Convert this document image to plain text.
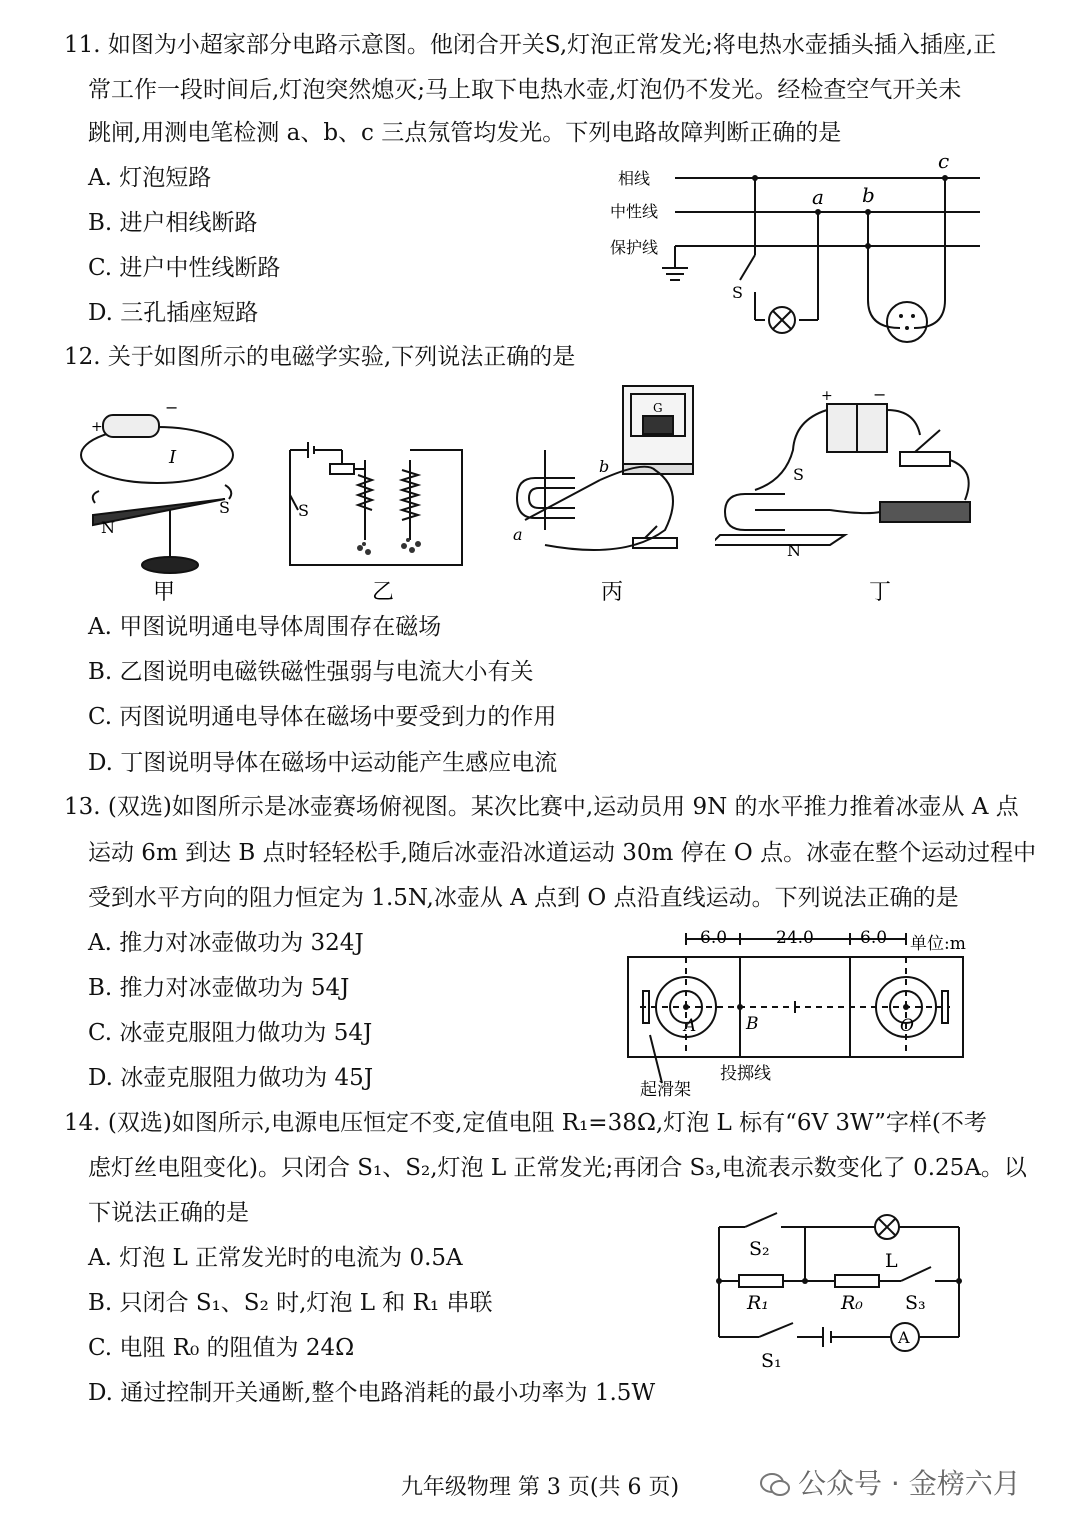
11. 如图为小超家部分电路示意图。他闭合开关S,灯泡正常发光;将电热水壶插头插入插座,正
常工作一段时间后,灯泡突然熄灭;马上取下电热水壶,灯泡仍不发光。经检查空气开关未
跳闸,用测电笔检测 a、b、c 三点氖管均发光。下列电路故障判断正确的是
A. 灯泡短路
B. 进户相线断路
C. 进户中性线断路
D. 三孔插座短路
相线
中性线
保护线
a b
c
S
12. 关于如图所示的电磁学实验,下列说法正确的是
+
−
I
N
S
甲
S
乙
b
a
G
丙
+	−
S
N
丁
A. 甲图说明通电导体周围存在磁场
B. 乙图说明电磁铁磁性强弱与电流大小有关
C. 丙图说明通电导体在磁场中要受到力的作用
D. 丁图说明导体在磁场中运动能产生感应电流
13. (双选)如图所示是冰壶赛场俯视图。某次比赛中,运动员用 9N 的水平推力推着冰壶从 A 点
运动 6m 到达 B 点时轻轻松手,随后冰壶沿冰道运动 30m 停在 O 点。冰壶在整个运动过程中
受到水平方向的阻力恒定为 1.5N,冰壶从 A 点到 O 点沿直线运动。下列说法正确的是
A. 推力对冰壶做功为 324J
B. 推力对冰壶做功为 54J
C. 冰壶克服阻力做功为 54J
D. 冰壶克服阻力做功为 45J
6.0	24.0	6.0 单位:m
A	B	O
起滑架
投掷线
14. (双选)如图所示,电源电压恒定不变,定值电阻 R₁=38Ω,灯泡 L 标有“6V 3W”字样(不考
虑灯丝电阻变化)。只闭合 S₁、S₂,灯泡 L 正常发光;再闭合 S₃,电流表示数变化了 0.25A。以
下说法正确的是
A. 灯泡 L 正常发光时的电流为 0.5A
B. 只闭合 S₁、S₂ 时,灯泡 L 和 R₁ 串联
C. 电阻 R₀ 的阻值为 24Ω
D. 通过控制开关通断,整个电路消耗的最小功率为 1.5W
S₂
R₁	R₀ S₃
L
S₁
A
九年级物理 第 3 页(共 6 页)	公众号 · 金榜六月
